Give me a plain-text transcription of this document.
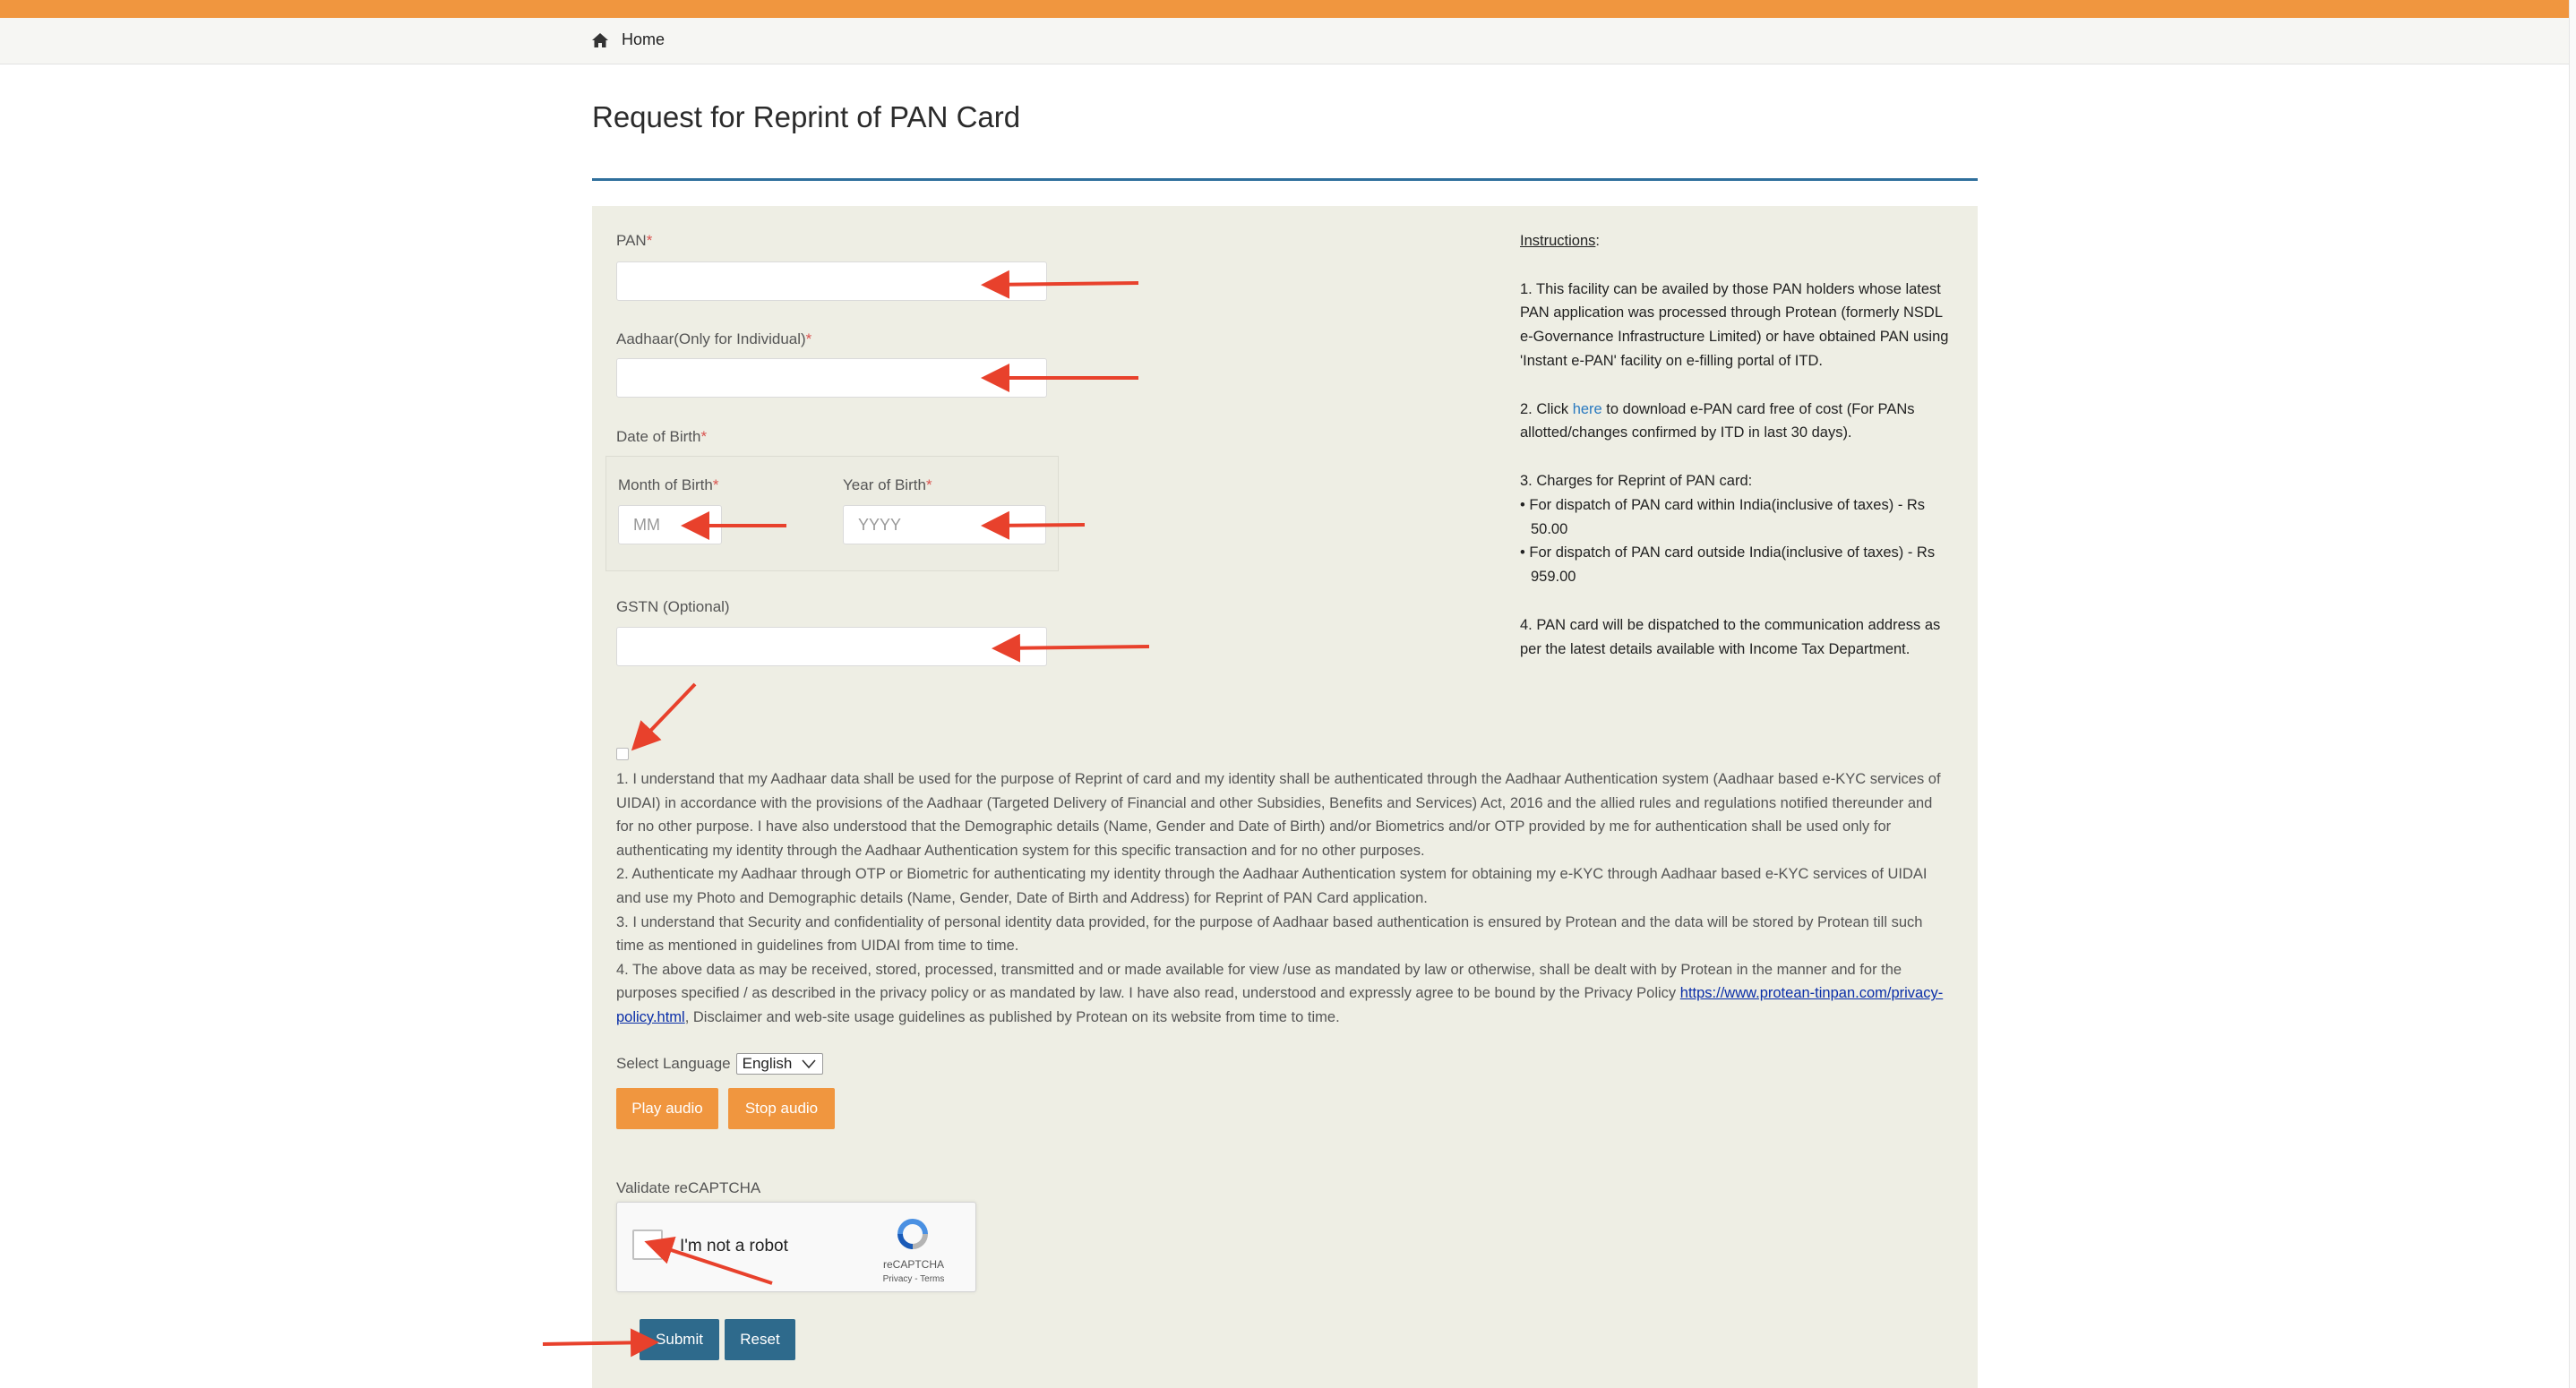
Home
Request for Reprint of PAN Card
PAN*
Aadhaar(Only for Individual)*
Date of Birth*
Month of Birth*
MM	Year of Birth*
YYYY
GSTN (Optional)

1. I understand that my Aadhaar data shall be used for the purpose of Reprint of card and my identity shall be authenticated through the Aadhaar Authentication system (Aadhaar based e-KYC services of UIDAI) in accordance with the provisions of the Aadhaar (Targeted Delivery of Financial and other Subsidies, Benefits and Services) Act, 2016 and the allied rules and regulations notified thereunder and for no other purpose. I have also understood that the Demographic details (Name, Gender and Date of Birth) and/or Biometrics and/or OTP provided by me for authentication shall be used only for authenticating my identity through the Aadhaar Authentication system for this specific transaction and for no other purposes.

2. Authenticate my Aadhaar through OTP or Biometric for authenticating my identity through the Aadhaar Authentication system for obtaining my e-KYC through Aadhaar based e-KYC services of UIDAI and use my Photo and Demographic details (Name, Gender, Date of Birth and Address) for Reprint of PAN Card application.

3. I understand that Security and confidentiality of personal identity data provided, for the purpose of Aadhaar based authentication is ensured by Protean and the data will be stored by Protean till such time as mentioned in guidelines from UIDAI from time to time.

4. The above data as may be received, stored, processed, transmitted and or made available for view /use as mandated by law or otherwise, shall be dealt with by Protean in the manner and for the purposes specified / as described in the privacy policy or as mandated by law. I have also read, understood and expressly agree to be bound by the Privacy Policy https://www.protean-tinpan.com/privacy-policy.html, Disclaimer and web-site usage guidelines as published by Protean on its website from time to time.

Select Language English
Play audio	Stop audio
Validate reCAPTCHA
I'm not a robot
reCAPTCHA
Privacy - Terms
Submit	Reset

Instructions:

1. This facility can be availed by those PAN holders whose latest PAN application was processed through Protean (formerly NSDL e-Governance Infrastructure Limited) or have obtained PAN using 'Instant e-PAN' facility on e-filling portal of ITD.

2. Click here to download e-PAN card free of cost (For PANs allotted/changes confirmed by ITD in last 30 days).

3. Charges for Reprint of PAN card:

• For dispatch of PAN card within India(inclusive of taxes) - Rs 50.00

• For dispatch of PAN card outside India(inclusive of taxes) - Rs 959.00

4. PAN card will be dispatched to the communication address as per the latest details available with Income Tax Department.
